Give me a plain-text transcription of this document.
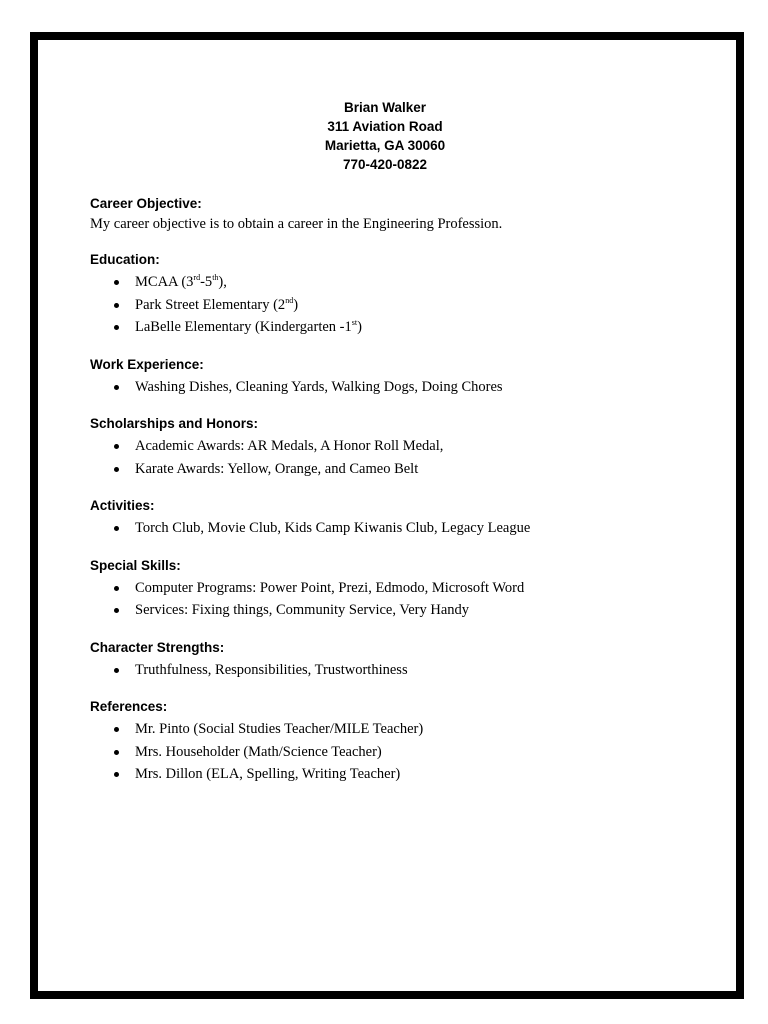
Brian Walker
311 Aviation Road
Marietta, GA 30060
770-420-0822
Career Objective:
My career objective is to obtain a career in the Engineering Profession.
Education:
MCAA (3rd-5th),
Park Street Elementary (2nd)
LaBelle Elementary (Kindergarten -1st)
Work Experience:
Washing Dishes, Cleaning Yards, Walking Dogs, Doing Chores
Scholarships and Honors:
Academic Awards: AR Medals, A Honor Roll Medal,
Karate Awards: Yellow, Orange, and Cameo Belt
Activities:
Torch Club, Movie Club, Kids Camp Kiwanis Club, Legacy League
Special Skills:
Computer Programs: Power Point, Prezi, Edmodo, Microsoft Word
Services: Fixing things, Community Service, Very Handy
Character Strengths:
Truthfulness, Responsibilities, Trustworthiness
References:
Mr. Pinto (Social Studies Teacher/MILE Teacher)
Mrs. Householder (Math/Science Teacher)
Mrs. Dillon (ELA, Spelling, Writing Teacher)
